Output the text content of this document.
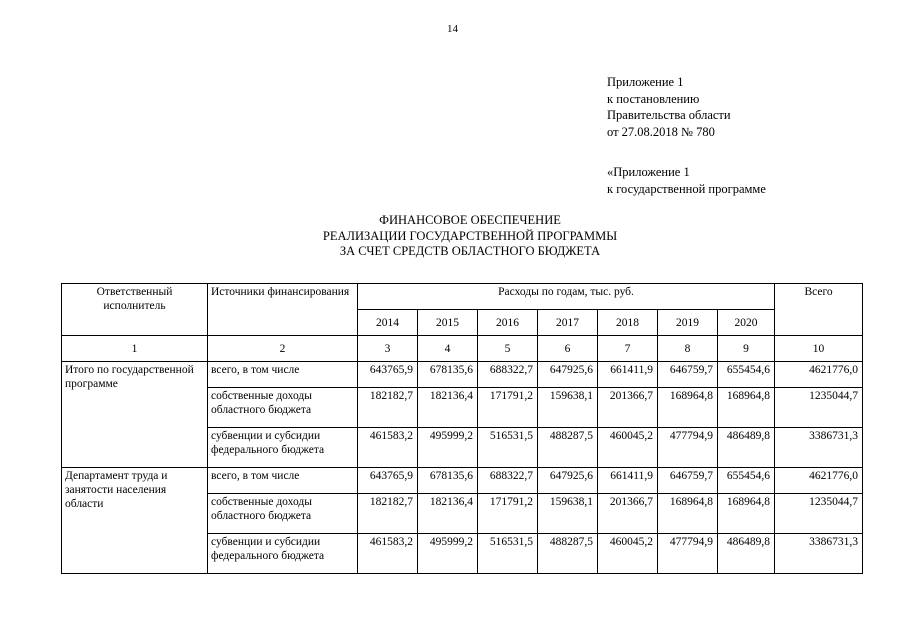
14
Приложение 1
к постановлению
Правительства области
от 27.08.2018 № 780
«Приложение 1
к государственной программе
ФИНАНСОВОЕ ОБЕСПЕЧЕНИЕ
РЕАЛИЗАЦИИ ГОСУДАРСТВЕННОЙ ПРОГРАММЫ
ЗА СЧЕТ СРЕДСТВ ОБЛАСТНОГО БЮДЖЕТА
Ответственный исполнитель	Источники финансирования	Расходы по годам, тыс. руб.							Всего
		2014	2015	2016	2017	2018	2019	2020	
1	2	3	4	5	6	7	8	9	10
Итого по государственной программе	всего, в том числе	643765,9	678135,6	688322,7	647925,6	661411,9	646759,7	655454,6	4621776,0
	собственные доходы областного бюджета	182182,7	182136,4	171791,2	159638,1	201366,7	168964,8	168964,8	1235044,7
	субвенции и субсидии федерального бюджета	461583,2	495999,2	516531,5	488287,5	460045,2	477794,9	486489,8	3386731,3
Департамент труда и занятости населения области	всего, в том числе	643765,9	678135,6	688322,7	647925,6	661411,9	646759,7	655454,6	4621776,0
	собственные доходы областного бюджета	182182,7	182136,4	171791,2	159638,1	201366,7	168964,8	168964,8	1235044,7
	субвенции и субсидии федерального бюджета	461583,2	495999,2	516531,5	488287,5	460045,2	477794,9	486489,8	3386731,3
